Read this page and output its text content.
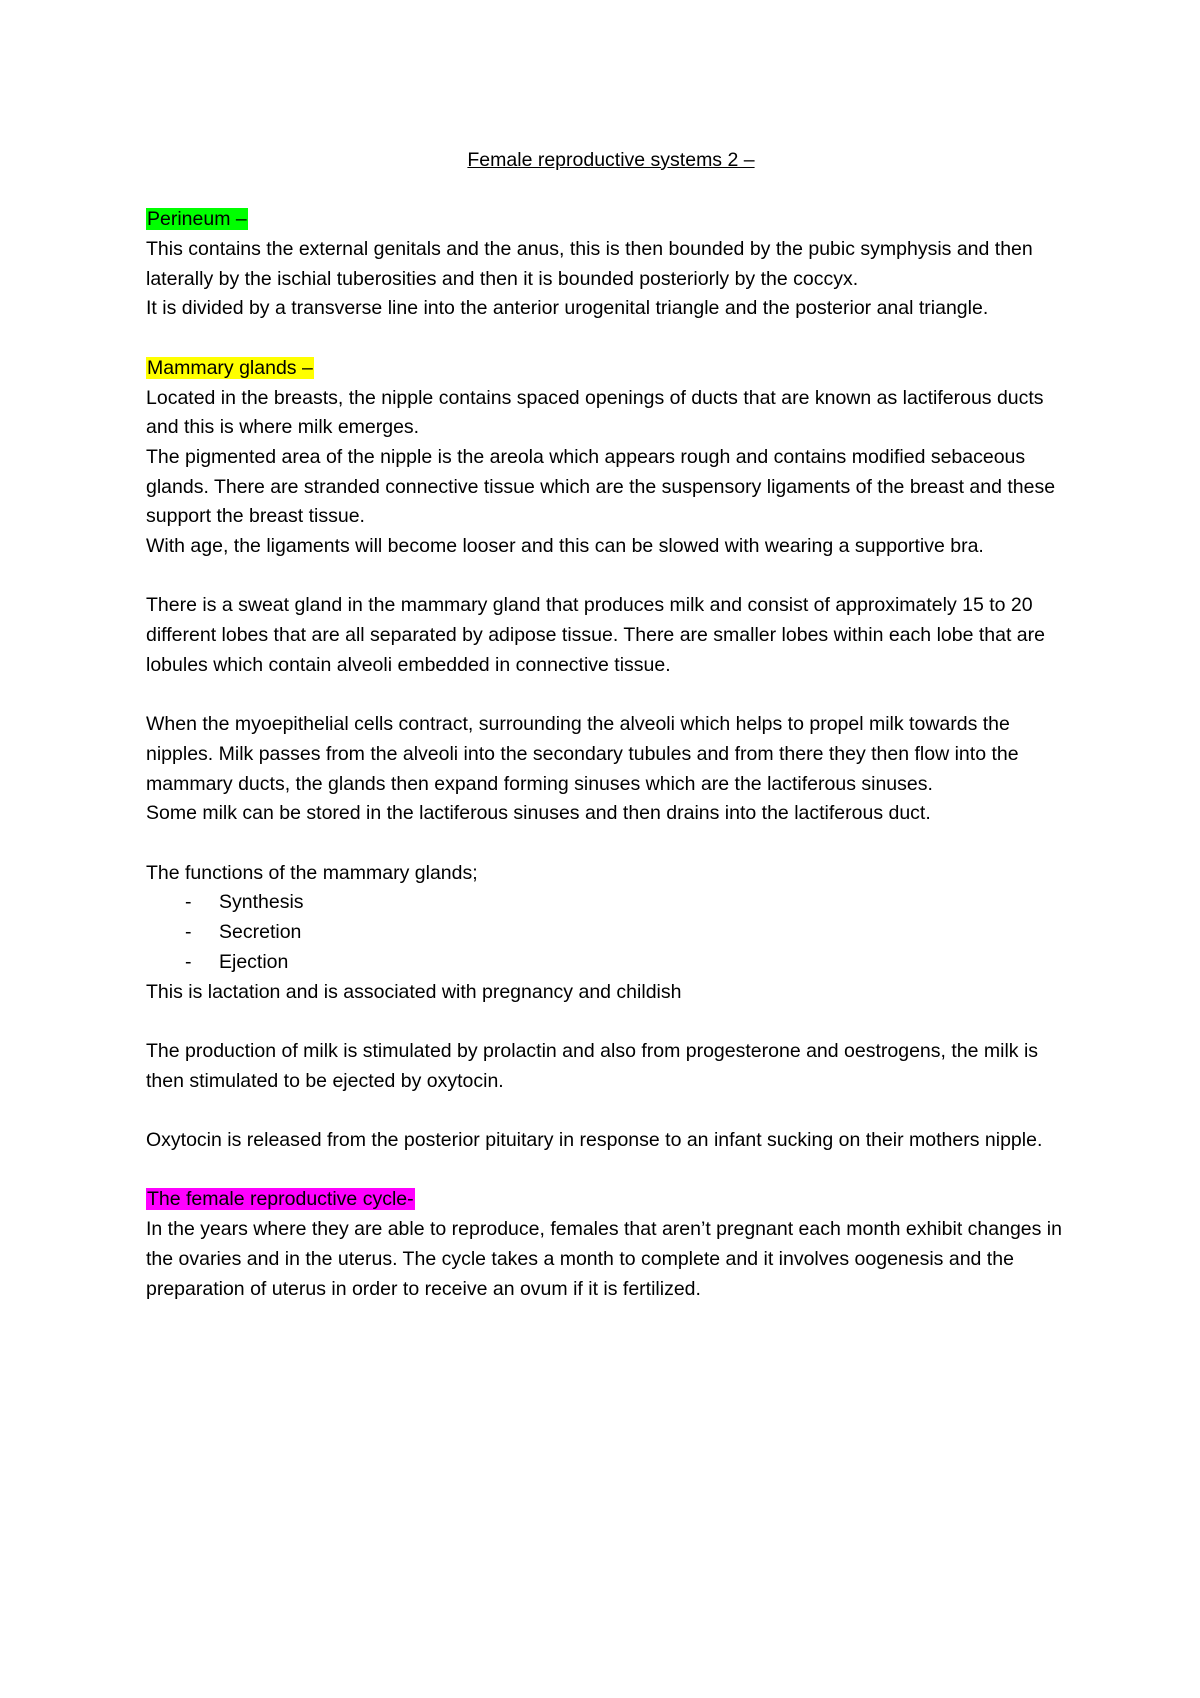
Female reproductive systems 2 –

Perineum –

This contains the external genitals and the anus, this is then bounded by the pubic symphysis and then laterally by the ischial tuberosities and then it is bounded posteriorly by the coccyx.

It is divided by a transverse line into the anterior urogenital triangle and the posterior anal triangle.

Mammary glands –

Located in the breasts, the nipple contains spaced openings of ducts that are known as lactiferous ducts and this is where milk emerges.

The pigmented area of the nipple is the areola which appears rough and contains modified sebaceous glands. There are stranded connective tissue which are the suspensory ligaments of the breast and these support the breast tissue.

With age, the ligaments will become looser and this can be slowed with wearing a supportive bra.

There is a sweat gland in the mammary gland that produces milk and consist of approximately 15 to 20 different lobes that are all separated by adipose tissue. There are smaller lobes within each lobe that are lobules which contain alveoli embedded in connective tissue.

When the myoepithelial cells contract, surrounding the alveoli which helps to propel milk towards the nipples. Milk passes from the alveoli into the secondary tubules and from there they then flow into the mammary ducts, the glands then expand forming sinuses which are the lactiferous sinuses.

Some milk can be stored in the lactiferous sinuses and then drains into the lactiferous duct.

The functions of the mammary glands;

- Synthesis
- Secretion
- Ejection

This is lactation and is associated with pregnancy and childish

The production of milk is stimulated by prolactin and also from progesterone and oestrogens, the milk is then stimulated to be ejected by oxytocin.

Oxytocin is released from the posterior pituitary in response to an infant sucking on their mothers nipple.

The female reproductive cycle-

In the years where they are able to reproduce, females that aren’t pregnant each month exhibit changes in the ovaries and in the uterus. The cycle takes a month to complete and it involves oogenesis and the preparation of uterus in order to receive an ovum if it is fertilized.
